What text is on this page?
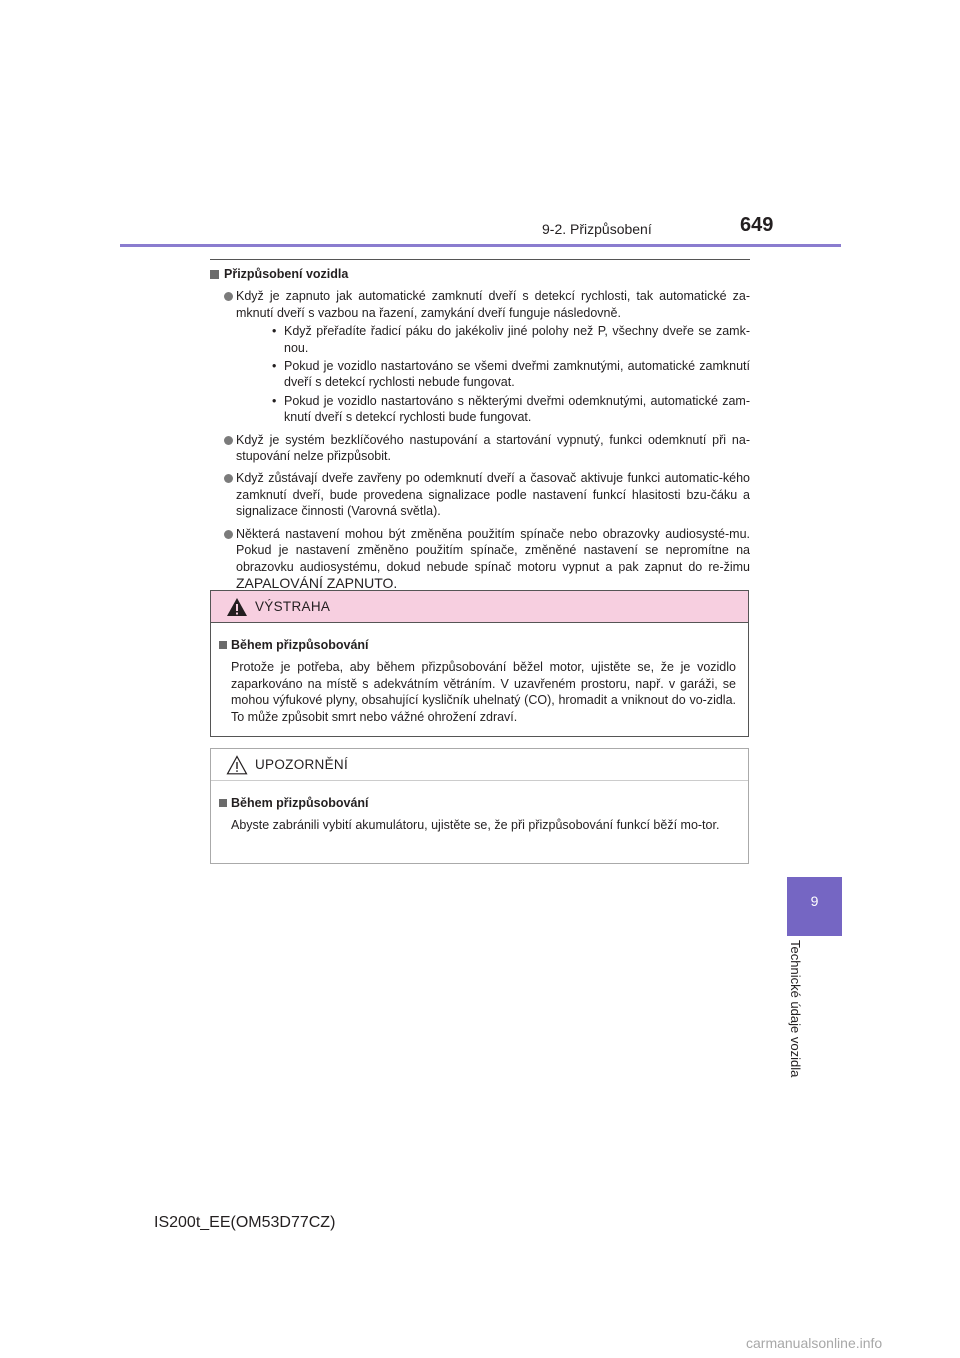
9-2. Přizpůsobení	649
Přizpůsobení vozidla
Když je zapnuto jak automatické zamknutí dveří s detekcí rychlosti, tak automatické za-mknutí dveří s vazbou na řazení, zamykání dveří funguje následovně.
• Když přeřadíte řadicí páku do jakékoliv jiné polohy než P, všechny dveře se zamk-nou.
• Pokud je vozidlo nastartováno se všemi dveřmi zamknutými, automatické zamknutí dveří s detekcí rychlosti nebude fungovat.
• Pokud je vozidlo nastartováno s některými dveřmi odemknutými, automatické zam-knutí dveří s detekcí rychlosti bude fungovat.
Když je systém bezklíčového nastupování a startování vypnutý, funkci odemknutí při na-stupování nelze přizpůsobit.
Když zůstávají dveře zavřeny po odemknutí dveří a časovač aktivuje funkci automatic-kého zamknutí dveří, bude provedena signalizace podle nastavení funkcí hlasitosti bzu-čáku a signalizace činnosti (Varovná světla).
Některá nastavení mohou být změněna použitím spínače nebo obrazovky audiosysté-mu. Pokud je nastavení změněno použitím spínače, změněné nastavení se nepromítne na obrazovku audiosystému, dokud nebude spínač motoru vypnut a pak zapnut do re-žimu ZAPALOVÁNÍ ZAPNUTO.
VÝSTRAHA
Během přizpůsobování
Protože je potřeba, aby během přizpůsobování běžel motor, ujistěte se, že je vozidlo zaparkováno na místě s adekvátním větráním. V uzavřeném prostoru, např. v garáži, se mohou výfukové plyny, obsahující kysličník uhelnatý (CO), hromadit a vniknout do vo-zidla. To může způsobit smrt nebo vážné ohrožení zdraví.
UPOZORNĚNÍ
Během přizpůsobování
Abyste zabránili vybití akumulátoru, ujistěte se, že při přizpůsobování funkcí běží mo-tor.
9
Technické údaje vozidla
IS200t_EE(OM53D77CZ)
carmanualsonline.info
